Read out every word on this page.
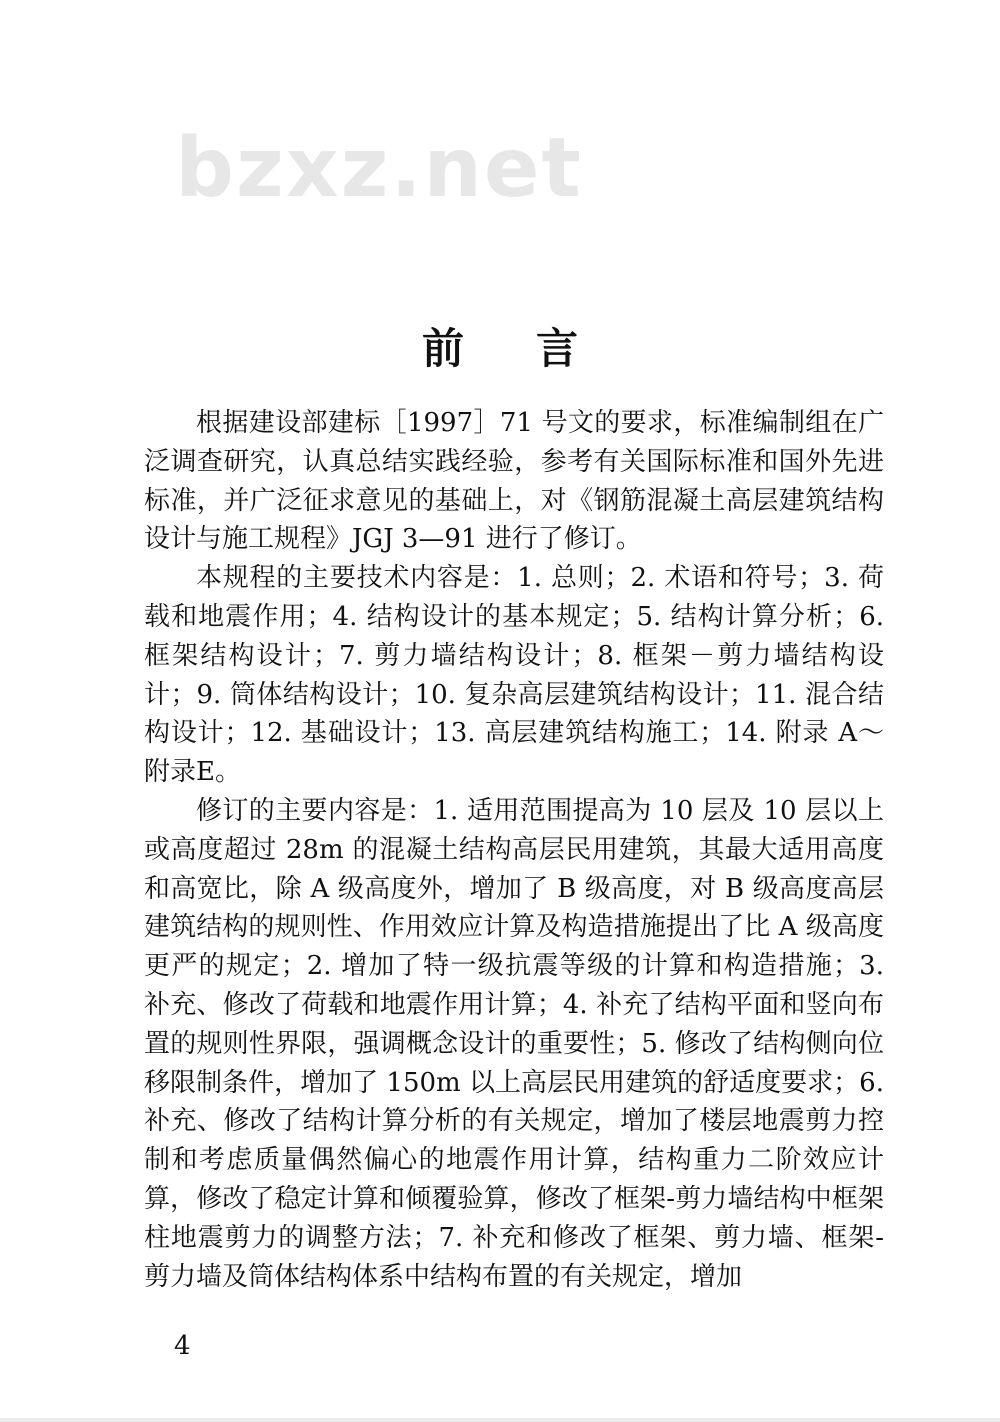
bzxz.net
前言

根据建设部建标［1997］71 号文的要求，标准编制组在广泛调查研究，认真总结实践经验，参考有关国际标准和国外先进标准，并广泛征求意见的基础上，对《钢筋混凝土高层建筑结构设计与施工规程》JGJ 3—91 进行了修订。

本规程的主要技术内容是：1. 总则；2. 术语和符号；3. 荷载和地震作用；4. 结构设计的基本规定；5. 结构计算分析；6. 框架结构设计；7. 剪力墙结构设计；8. 框架－剪力墙结构设计；9. 筒体结构设计；10. 复杂高层建筑结构设计；11. 混合结构设计；12. 基础设计；13. 高层建筑结构施工；14. 附录 A～附录E。

修订的主要内容是：1. 适用范围提高为 10 层及 10 层以上或高度超过 28m 的混凝土结构高层民用建筑，其最大适用高度和高宽比，除 A 级高度外，增加了 B 级高度，对 B 级高度高层建筑结构的规则性、作用效应计算及构造措施提出了比 A 级高度更严的规定；2. 增加了特一级抗震等级的计算和构造措施；3. 补充、修改了荷载和地震作用计算；4. 补充了结构平面和竖向布置的规则性界限，强调概念设计的重要性；5. 修改了结构侧向位移限制条件，增加了 150m 以上高层民用建筑的舒适度要求；6. 补充、修改了结构计算分析的有关规定，增加了楼层地震剪力控制和考虑质量偶然偏心的地震作用计算，结构重力二阶效应计算，修改了稳定计算和倾覆验算，修改了框架-剪力墙结构中框架柱地震剪力的调整方法；7. 补充和修改了框架、剪力墙、框架-剪力墙及筒体结构体系中结构布置的有关规定，增加

4
